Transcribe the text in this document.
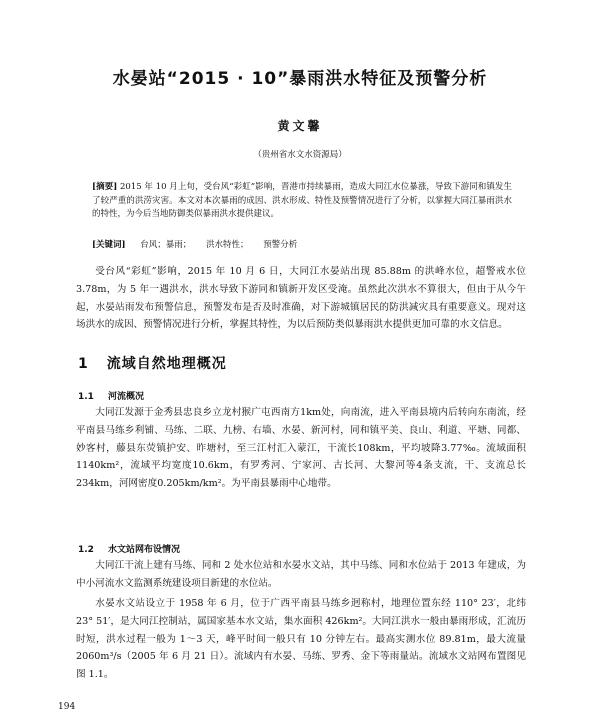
水晏站“2015 · 10”暴雨洪水特征及预警分析
黄文馨
（贵州省水文水资源局）

[摘要] 2015 年 10 月上旬，受台风“彩虹”影响，晋港市持续暴雨，造成大同江水位暴涨，导致下游同和镇发生了较严重的洪涝灾害。本文对本次暴雨的成因、洪水形成、特性及预警情况进行了分析，以掌握大同江暴雨洪水的特性，为今后当地防御类似暴雨洪水提供建议。

[关键词] 台风；暴雨； 洪水特性； 预警分析

受台风“彩虹”影响，2015 年 10 月 6 日，大同江水晏站出现 85.88m 的洪峰水位，超警戒水位 3.78m，为 5 年一遇洪水，洪水导致下游同和镇新开发区受淹。虽然此次洪水不算很大，但由于从今午起，水晏站雨发布预警信息，预警发布是否及时准确，对下游城镇居民的防洪减灾具有重要意义。现对这场洪水的成因、预警情况进行分析，掌握其特性，为以后预防类似暴雨洪水提供更加可靠的水文信息。

1 流域自然地理概况
1.1 河流概况

大同江发源于金秀县忠良乡立龙村猴广屯西南方1km处，向南流，进入平南县境内后转向东南流，经平南县马练乡利铺、马练、二联、九榜、右墙、水晏、新河村，同和镇平美、良山、利道、平塘、同都、妙客村，藤县东荧镇护安、昨塘村，至三江村汇入蒙江，干流长108km，平均坡降3.77‰。流域面积1140km²，流域平均宽度10.6km，有罗秀河、宁家河、古长河、大黎河等4条支流，干、支流总长234km，河网密度0.205km/km²。为平南县暴雨中心地带。

1.2 水文站网布设情况

大同江干流上建有马练、同和 2 处水位站和水晏水文站，其中马练、同和水位站于 2013 年建成，为中小河流水文监测系统建设项目新建的水位站。

水晏水文站设立于 1958 年 6 月，位于广西平南县马练乡迥称村，地理位置东经 110° 23′，北纬 23° 51′，是大同江控制站，属国家基本水文站，集水面积 426km²。大同江洪水一般由暴雨形成，汇流历时短，洪水过程一般为 1～3 天，峰平时间一般只有 10 分钟左右。最高实测水位 89.81m，最大流量 2060m³/s（2005 年 6 月 21 日）。流域内有水晏、马练、罗秀、金下等雨量站。流域水文站网布置图见图 1.1。

194
